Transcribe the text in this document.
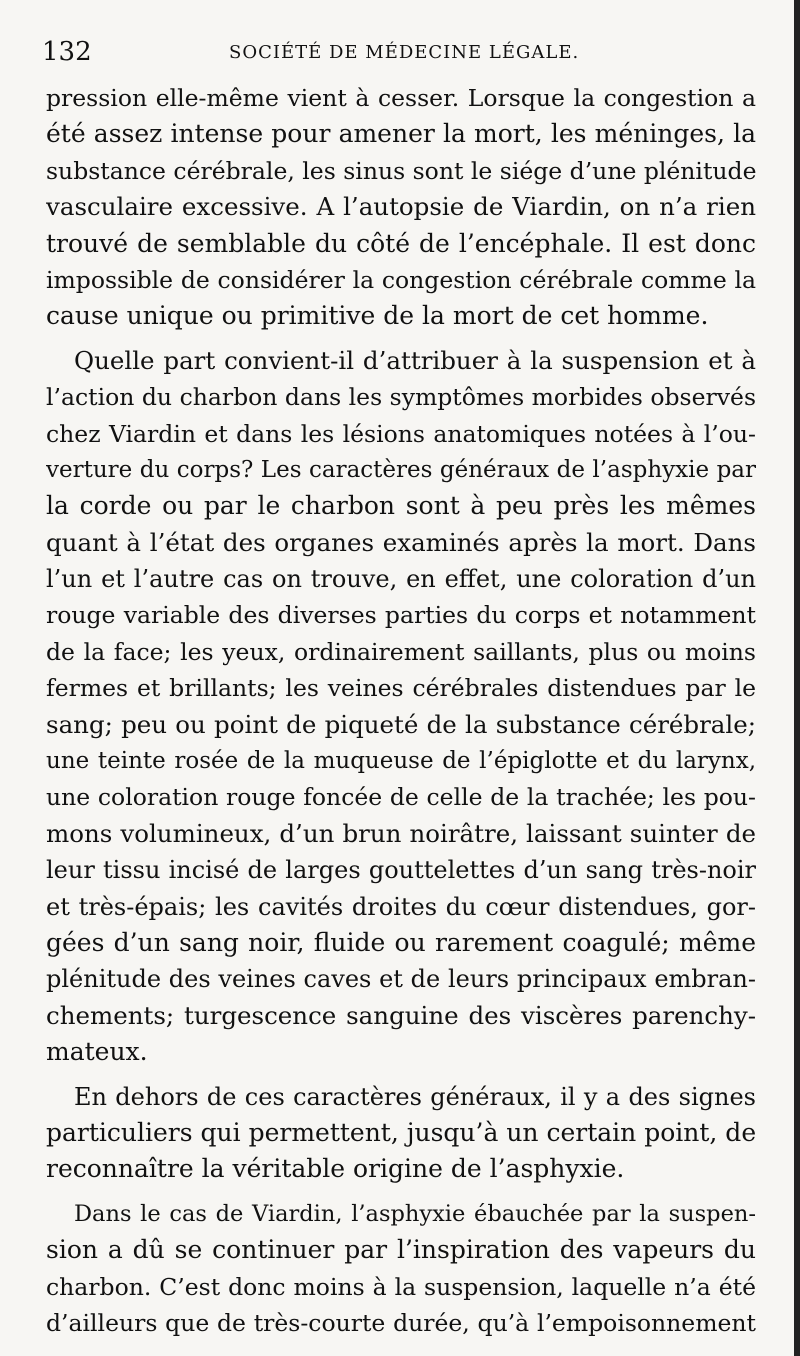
132	SOCIÉTÉ DE MÉDECINE LÉGALE.
pression elle-même vient à cesser. Lorsque la congestion a
été assez intense pour amener la mort, les méninges, la
substance cérébrale, les sinus sont le siége d’une plénitude
vasculaire excessive. A l’autopsie de Viardin, on n’a rien
trouvé de semblable du côté de l’encéphale. Il est donc
impossible de considérer la congestion cérébrale comme la
cause unique ou primitive de la mort de cet homme.
Quelle part convient-il d’attribuer à la suspension et à
l’action du charbon dans les symptômes morbides observés
chez Viardin et dans les lésions anatomiques notées à l’ou-
verture du corps? Les caractères généraux de l’asphyxie par
la corde ou par le charbon sont à peu près les mêmes
quant à l’état des organes examinés après la mort. Dans
l’un et l’autre cas on trouve, en effet, une coloration d’un
rouge variable des diverses parties du corps et notamment
de la face; les yeux, ordinairement saillants, plus ou moins
fermes et brillants; les veines cérébrales distendues par le
sang; peu ou point de piqueté de la substance cérébrale;
une teinte rosée de la muqueuse de l’épiglotte et du larynx,
une coloration rouge foncée de celle de la trachée; les pou-
mons volumineux, d’un brun noirâtre, laissant suinter de
leur tissu incisé de larges gouttelettes d’un sang très-noir
et très-épais; les cavités droites du cœur distendues, gor-
gées d’un sang noir, fluide ou rarement coagulé; même
plénitude des veines caves et de leurs principaux embran-
chements; turgescence sanguine des viscères parenchy-
mateux.
En dehors de ces caractères généraux, il y a des signes
particuliers qui permettent, jusqu’à un certain point, de
reconnaître la véritable origine de l’asphyxie.
Dans le cas de Viardin, l’asphyxie ébauchée par la suspen-
sion a dû se continuer par l’inspiration des vapeurs du
charbon. C’est donc moins à la suspension, laquelle n’a été
d’ailleurs que de très-courte durée, qu’à l’empoisonnement
